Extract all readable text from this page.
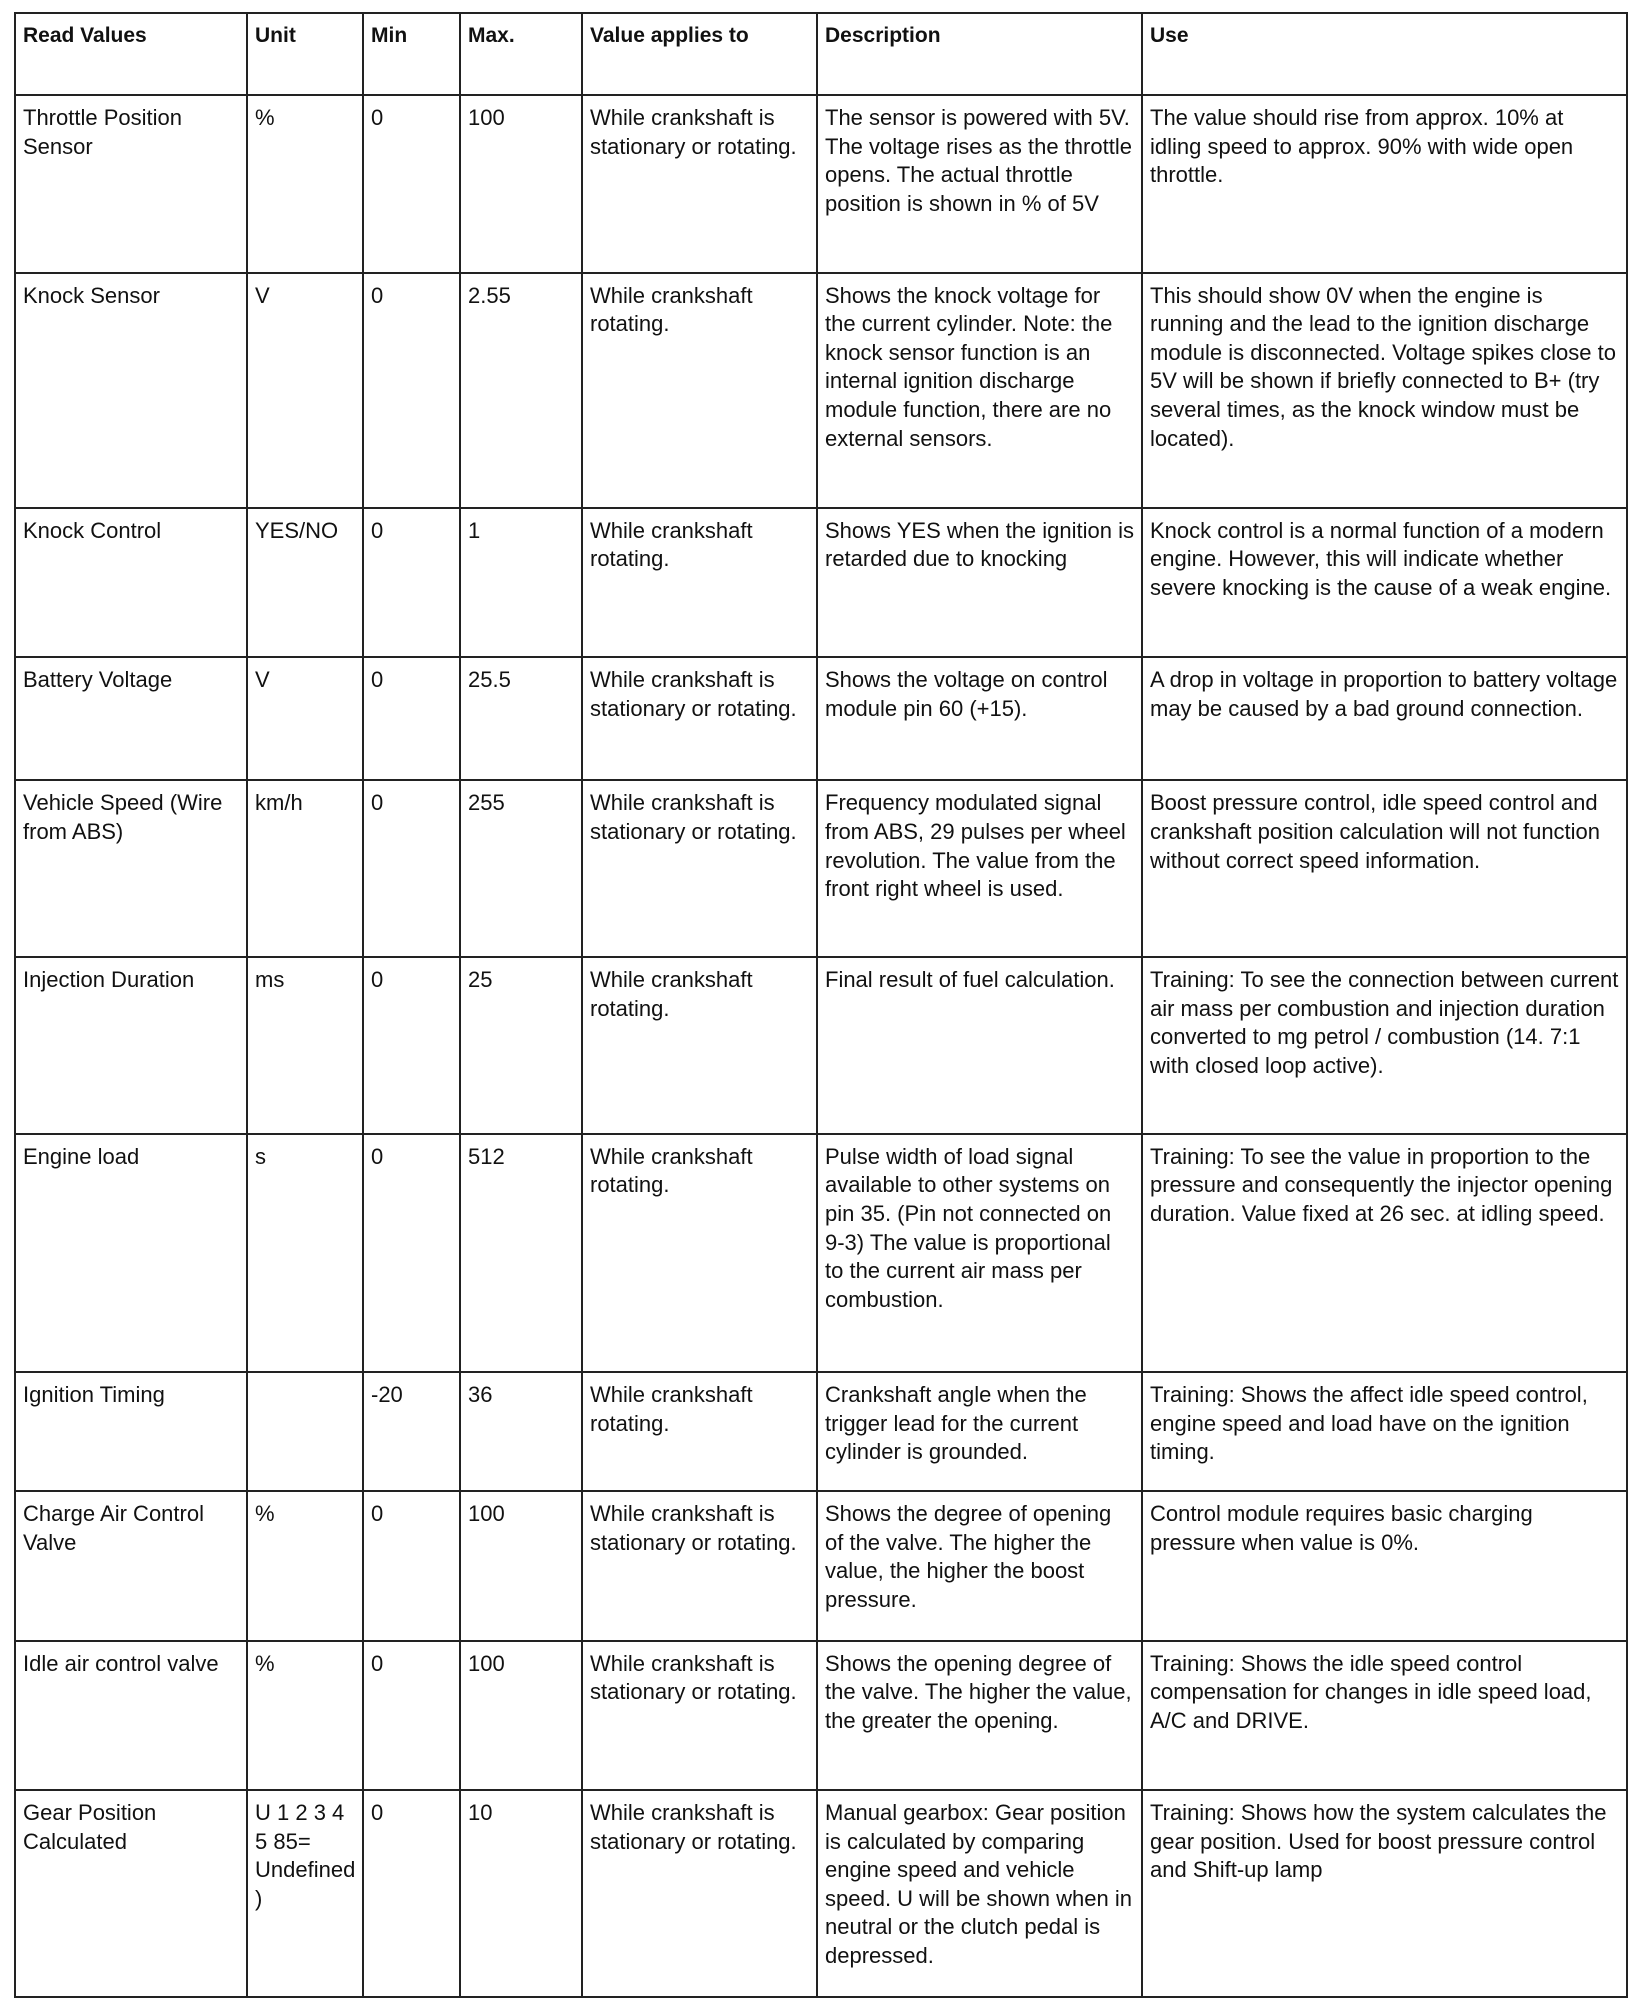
Read Values	Unit	Min	Max.	Value applies to	Description	Use
Throttle Position Sensor	%	0	100	While crankshaft is stationary or rotating.	The sensor is powered with 5V. The voltage rises as the throttle opens. The actual throttle position is shown in % of 5V	The value should rise from approx. 10% at idling speed to approx. 90% with wide open throttle.
Knock Sensor	V	0	2.55	While crankshaft rotating.	Shows the knock voltage for the current cylinder. Note: the knock sensor function is an internal ignition discharge module function, there are no external sensors.	This should show 0V when the engine is running and the lead to the ignition discharge module is disconnected. Voltage spikes close to 5V will be shown if briefly connected to B+ (try several times, as the knock window must be located).
Knock Control	YES/NO	0	1	While crankshaft rotating.	Shows YES when the ignition is retarded due to knocking	Knock control is a normal function of a modern engine. However, this will indicate whether severe knocking is the cause of a weak engine.
Battery Voltage	V	0	25.5	While crankshaft is stationary or rotating.	Shows the voltage on control module pin 60 (+15).	A drop in voltage in proportion to battery voltage may be caused by a bad ground connection.
Vehicle Speed (Wire from ABS)	km/h	0	255	While crankshaft is stationary or rotating.	Frequency modulated signal from ABS, 29 pulses per wheel revolution. The value from the front right wheel is used.	Boost pressure control, idle speed control and crankshaft position calculation will not function without correct speed information.
Injection Duration	ms	0	25	While crankshaft rotating.	Final result of fuel calculation.	Training: To see the connection between current air mass per combustion and injection duration converted to mg petrol / combustion (14. 7:1 with closed loop active).
Engine load	s	0	512	While crankshaft rotating.	Pulse width of load signal available to other systems on pin 35. (Pin not connected on 9-3) The value is proportional to the current air mass per combustion.	Training: To see the value in proportion to the pressure and consequently the injector opening duration. Value fixed at 26 sec. at idling speed.
Ignition Timing		-20	36	While crankshaft rotating.	Crankshaft angle when the trigger lead for the current cylinder is grounded.	Training: Shows the affect idle speed control, engine speed and load have on the ignition timing.
Charge Air Control Valve	%	0	100	While crankshaft is stationary or rotating.	Shows the degree of opening of the valve. The higher the value, the higher the boost pressure.	Control module requires basic charging pressure when value is 0%.
Idle air control valve	%	0	100	While crankshaft is stationary or rotating.	Shows the opening degree of the valve. The higher the value, the greater the opening.	Training: Shows the idle speed control compensation for changes in idle speed load, A/C and DRIVE.
Gear Position Calculated	U 1 2 3 4 5 85= Undefined)	0	10	While crankshaft is stationary or rotating.	Manual gearbox: Gear position is calculated by comparing engine speed and vehicle speed. U will be shown when in neutral or the clutch pedal is depressed.	Training: Shows how the system calculates the gear position. Used for boost pressure control and Shift-up lamp
